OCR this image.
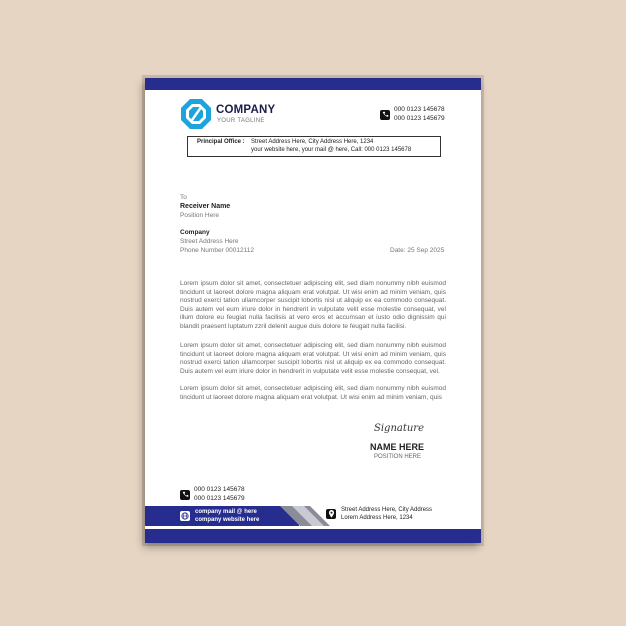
COMPANY
YOUR TAGLINE
000 0123 145678
000 0123 145679
Principal Office : Street Address Here, City Address Here, 1234
your website here, your mail @ here, Call: 000 0123 145678
To
Receiver Name
Position Here
Company
Street Address Here
Phone Number 00012112	Date: 25 Sep 2025

Lorem ipsum dolor sit amet, consectetuer adipiscing elit, sed diam nonummy nibh euismod tincidunt ut laoreet dolore magna aliquam erat volutpat. Ut wisi enim ad minim veniam, quis nostrud exerci tation ullamcorper suscipit lobortis nisl ut aliquip ex ea commodo consequat. Duis autem vel eum iriure dolor in hendrerit in vulputate velit esse molestie consequat, vel illum dolore eu feugiat nulla facilisis at vero eros et accumsan et iusto odio dignissim qui blandit praesent luptatum zzril delenit augue duis dolore te feugait nulla facilisi.

Lorem ipsum dolor sit amet, consectetuer adipiscing elit, sed diam nonummy nibh euismod tincidunt ut laoreet dolore magna aliquam erat volutpat. Ut wisi enim ad minim veniam, quis nostrud exerci tation ullamcorper suscipit lobortis nisl ut aliquip ex ea commodo consequat. Duis autem vel eum iriure dolor in hendrerit in vulputate velit esse molestie consequat, vel.

Lorem ipsum dolor sit amet, consectetuer adipiscing elit, sed diam nonummy nibh euismod tincidunt ut laoreet dolore magna aliquam erat volutpat. Ut wisi enim ad minim veniam, quis

Signature
NAME HERE
POSITION HERE
000 0123 145678
000 0123 145679
company mail @ here
company website here
Street Address Here, City Address
Lorem Address Here, 1234
